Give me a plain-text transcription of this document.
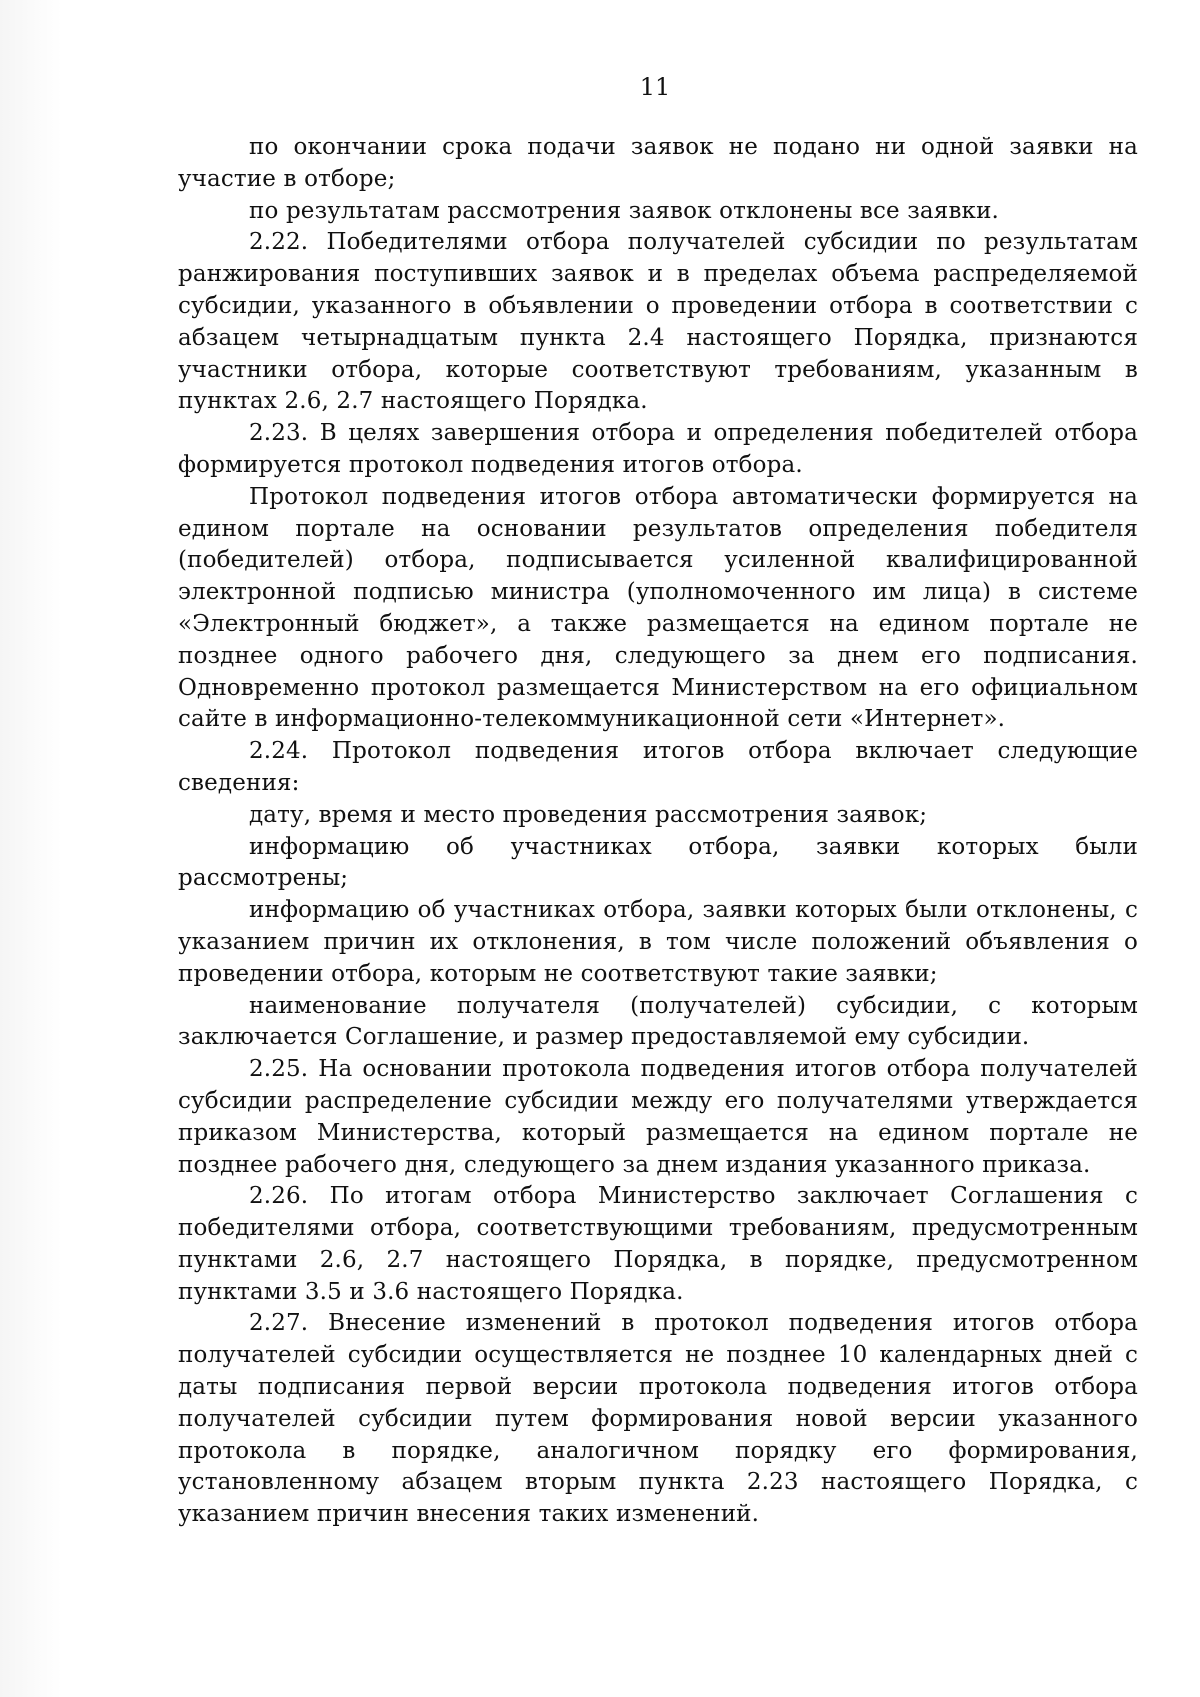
11

по окончании срока подачи заявок не подано ни одной заявки на участие в отборе;

по результатам рассмотрения заявок отклонены все заявки.

2.22. Победителями отбора получателей субсидии по результатам ранжирования поступивших заявок и в пределах объема распределяемой субсидии, указанного в объявлении о проведении отбора в соответствии с абзацем четырнадцатым пункта 2.4 настоящего Порядка, признаются участники отбора, которые соответствуют требованиям, указанным в пунктах 2.6, 2.7 настоящего Порядка.

2.23. В целях завершения отбора и определения победителей отбора формируется протокол подведения итогов отбора.

Протокол подведения итогов отбора автоматически формируется на едином портале на основании результатов определения победителя (победителей) отбора, подписывается усиленной квалифицированной электронной подписью министра (уполномоченного им лица) в системе «Электронный бюджет», а также размещается на едином портале не позднее одного рабочего дня, следующего за днем его подписания. Одновременно протокол размещается Министерством на его официальном сайте в информационно-телекоммуникационной сети «Интернет».

2.24. Протокол подведения итогов отбора включает следующие сведения:

дату, время и место проведения рассмотрения заявок;

информацию об участниках отбора, заявки которых были рассмотрены;

информацию об участниках отбора, заявки которых были отклонены, с указанием причин их отклонения, в том числе положений объявления о проведении отбора, которым не соответствуют такие заявки;

наименование получателя (получателей) субсидии, с которым заключается Соглашение, и размер предоставляемой ему субсидии.

2.25. На основании протокола подведения итогов отбора получателей субсидии распределение субсидии между его получателями утверждается приказом Министерства, который размещается на едином портале не позднее рабочего дня, следующего за днем издания указанного приказа.

2.26. По итогам отбора Министерство заключает Соглашения с победителями отбора, соответствующими требованиям, предусмотренным пунктами 2.6, 2.7 настоящего Порядка, в порядке, предусмотренном пунктами 3.5 и 3.6 настоящего Порядка.

2.27. Внесение изменений в протокол подведения итогов отбора получателей субсидии осуществляется не позднее 10 календарных дней с даты подписания первой версии протокола подведения итогов отбора получателей субсидии путем формирования новой версии указанного протокола в порядке, аналогичном порядку его формирования, установленному абзацем вторым пункта 2.23 настоящего Порядка, с указанием причин внесения таких изменений.
